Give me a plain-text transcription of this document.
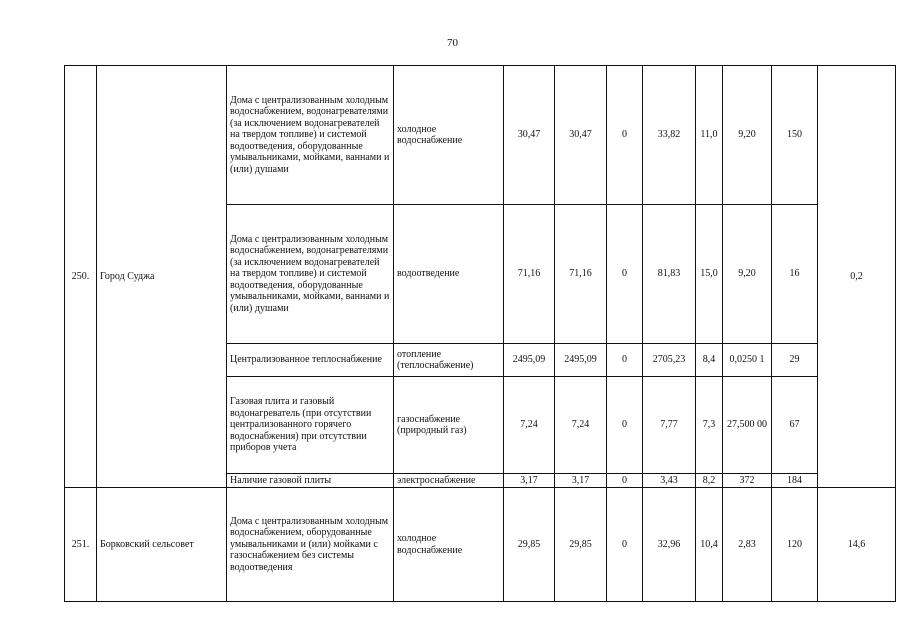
70
250.	Город Суджа	Дома с централизованным холодным водоснабжением, водонагревателями (за исключением водонагревателей на твердом топливе) и системой водоотведения, оборудованные умывальниками, мойками, ваннами и (или) душами	холодное водоснабжение	30,47	30,47	0	33,82	11,0	9,20	150	0,2
		Дома с централизованным холодным водоснабжением, водонагревателями (за исключением водонагревателей на твердом топливе) и системой водоотведения, оборудованные умывальниками, мойками, ваннами и (или) душами	водоотведение	71,16	71,16	0	81,83	15,0	9,20	16	
		Централизованное теплоснабжение	отопление (теплоснабжение)	2495,09	2495,09	0	2705,23	8,4	0,0250 1	29	
		Газовая плита и газовый водонагреватель (при отсутствии централизованного горячего водоснабжения) при отсутствии приборов учета	газоснабжение (природный газ)	7,24	7,24	0	7,77	7,3	27,500 00	67	
		Наличие газовой плиты	электроснабжение	3,17	3,17	0	3,43	8,2	372	184	
251.	Борковский сельсовет	Дома с централизованным холодным водоснабжением, оборудованные умывальниками и (или) мойками с газоснабжением без системы водоотведения	холодное водоснабжение	29,85	29,85	0	32,96	10,4	2,83	120	14,6
